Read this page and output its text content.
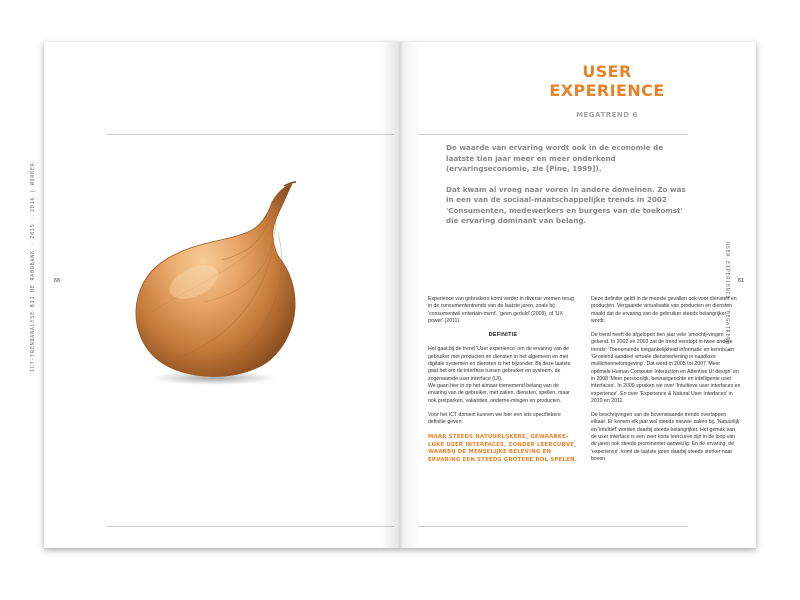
ICT-TRENDANALYSE BIJ DE RABOBANK · 2015 · 2016 | WORKER	60	USER EXPERIENCE · MEGATREND 6 61
USER
EXPERIENCE
MEGATREND 6

De waarde van ervaring wordt ook in de economie de laatste tien jaar meer en meer onderkend (ervaringseconomie, zie [Pine, 1999]).

Dat kwam al vroeg naar voren in andere domeinen. Zo was in een van de sociaal-maatschappelijke trends in 2002 'Consumenten, medewerkers en burgers van de toekomst' die ervaring dominant van belang.

Experience van gebruikers komt verder in diverse vormen terug in de consumententrends van de laatste jaren, zoals bij 'consumentwil entertain-ment', 'geen geduld' (2009), of 'UX power' (2011).

DEFINITIE

Het gaat bij de trend 'User experience' om de ervaring van de gebruiker met producten en diensten in het algemeen en met digitale systemen en diensten is het bijzonder. Bij deze laatste gaat het om de interface tussen gebruiker en systeem, de zogenaamde user interface (UI).

We gaan hier in op het almaar toenemend belang van de ervaring van de gebruiker, met zaken, diensten, spellen, maar ook pretparken, vakanties, onderne-mingen en producten.

Voor het ICT domein kunnen we hier een iets specifiekere definitie geven:

MAAR STEEDS NATUURLIJKERE, GEWAARKE-LUKE USER INTERFACES, ZONDER LEERCURVE, WAARBIJ DE MENSELIJKE BELEVING EN ERVARING EEN STEEDS GROTERE ROL SPELEN.

Deze definitie geldt in de meeste gevallen ook voor diensten en producten. Vergaande virtualisatie van producten en diensten maakt dat de ervaring van de gebruiker steeds belangrijker wordt.

De trend heeft de afgelopen tien jaar vele 'smochtj-vingen gekend. In 2002 en 2003 zat de trend verstopt in twee andere trends: 'Toenemende toegankelijkheid informatie en kennis' en 'Groeiend aandeel virtuele dienstverlening in naadloze multichannelomgeving'. Dat werd in 2005 tot 2007 'Meer optimale Human Computer Interaction en Attentive UI design' en in 2008 'Meer persoonlijk, bewustgerichte en intelligente user interfaces'. In 2009 spraken we over 'Intuïtieve user interfaces en experience'. En over 'Experience & Natural User Interfaces' in 2010 en 2011.

De beschrijvingen van de bovenstaande trends overlappen elkaar. Er komen elk jaar wel steeds nieuwe zaken bij. 'Natuurlijk' en 'intuïtief' worden daarbij steeds belangrijker. Het gemak van de user interface is een zeer korte leercurve zijn in de loop van de jaren ook steeds prominenter aanwezig. En de ervaring, de 'experience', komt de laatste jaren daarbij steeds sterker naar boven.
